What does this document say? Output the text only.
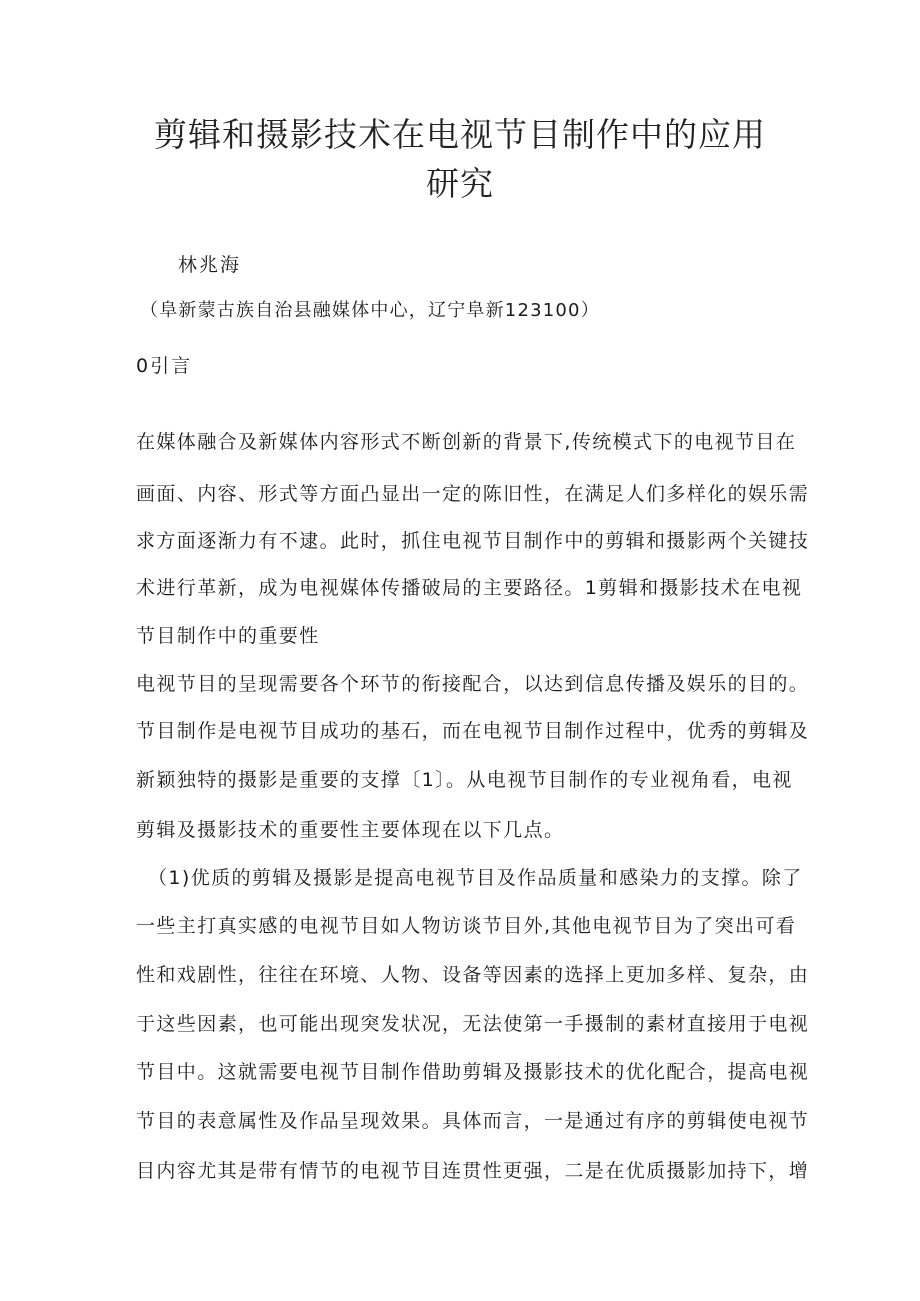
剪辑和摄影技术在电视节目制作中的应用
研究

林兆海

（阜新蒙古族自治县融媒体中心，辽宁阜新123100）

0引言

在媒体融合及新媒体内容形式不断创新的背景下,传统模式下的电视节目在

画面、内容、形式等方面凸显出一定的陈旧性，在满足人们多样化的娱乐需

求方面逐渐力有不逮。此时，抓住电视节目制作中的剪辑和摄影两个关键技

术进行革新，成为电视媒体传播破局的主要路径。1剪辑和摄影技术在电视

节目制作中的重要性

电视节目的呈现需要各个环节的衔接配合，以达到信息传播及娱乐的目的。

节目制作是电视节目成功的基石，而在电视节目制作过程中，优秀的剪辑及

新颖独特的摄影是重要的支撑〔1〕。从电视节目制作的专业视角看，电视

剪辑及摄影技术的重要性主要体现在以下几点。

（1)优质的剪辑及摄影是提高电视节目及作品质量和感染力的支撑。除了

一些主打真实感的电视节目如人物访谈节目外,其他电视节目为了突出可看

性和戏剧性，往往在环境、人物、设备等因素的选择上更加多样、复杂，由

于这些因素，也可能出现突发状况，无法使第一手摄制的素材直接用于电视

节目中。这就需要电视节目制作借助剪辑及摄影技术的优化配合，提高电视

节目的表意属性及作品呈现效果。具体而言，一是通过有序的剪辑使电视节

目内容尤其是带有情节的电视节目连贯性更强，二是在优质摄影加持下，增
